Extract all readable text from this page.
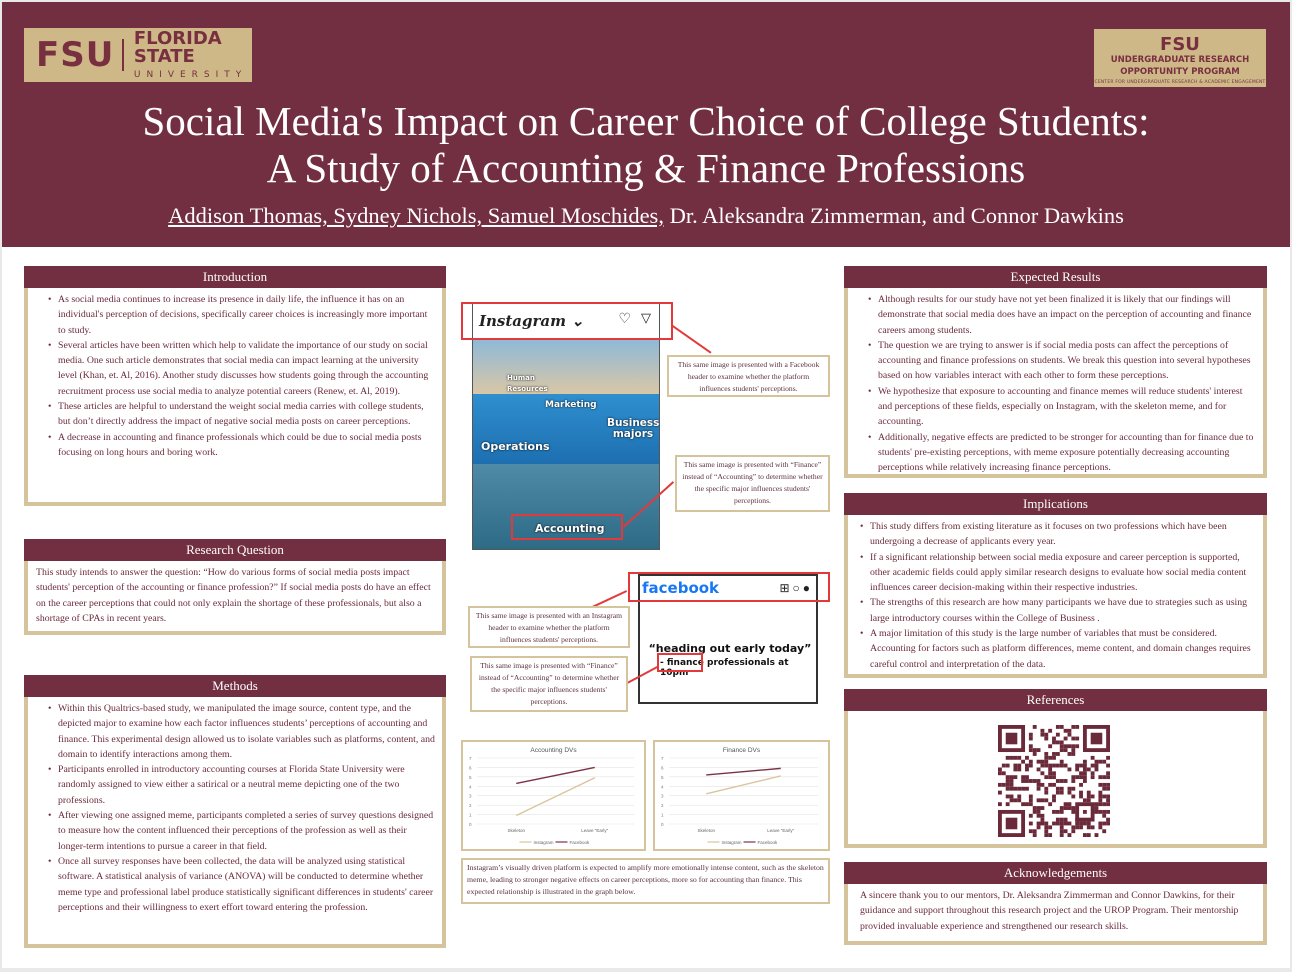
FSU FLORIDA STATE
UNIVERSITY
FSU
UNDERGRADUATE RESEARCH
OPPORTUNITY PROGRAM
CENTER FOR UNDERGRADUATE RESEARCH & ACADEMIC ENGAGEMENT
Social Media's Impact on Career Choice of College Students:
A Study of Accounting & Finance Professions
Addison Thomas, Sydney Nichols, Samuel Moschides, Dr. Aleksandra Zimmerman, and Connor Dawkins
Introduction
• As social media continues to increase its presence in daily life, the influence it has on an individual's perception of decisions, specifically career choices is increasingly more important to study.
• Several articles have been written which help to validate the importance of our study on social media. One such article demonstrates that social media can impact learning at the university level (Khan, et. Al, 2016). Another study discusses how students going through the accounting recruitment process use social media to analyze potential careers (Renew, et. Al, 2019).
• These articles are helpful to understand the weight social media carries with college students, but don’t directly address the impact of negative social media posts on career perceptions.
• A decrease in accounting and finance professionals which could be due to social media posts focusing on long hours and boring work.
Research Question

This study intends to answer the question: “How do various forms of social media posts impact students' perception of the accounting or finance profession?” If social media posts do have an effect on the career perceptions that could not only explain the shortage of these professionals, but also a shortage of CPAs in recent years.

Methods
• Within this Qualtrics-based study, we manipulated the image source, content type, and the depicted major to examine how each factor influences students’ perceptions of accounting and finance. This experimental design allowed us to isolate variables such as platforms, content, and domain to identify interactions among them.
• Participants enrolled in introductory accounting courses at Florida State University were randomly assigned to view either a satirical or a neutral meme depicting one of the two professions.
• After viewing one assigned meme, participants completed a series of survey questions designed to measure how the content influenced their perceptions of the profession as well as their longer-term intentions to pursue a career in that field.
• Once all survey responses have been collected, the data will be analyzed using statistical software. A statistical analysis of variance (ANOVA) will be conducted to determine whether meme type and professional label produce statistically significant differences in students' career perceptions and their willingness to exert effort toward entering the profession.
Instagram ⌄ ♡ ▽
Human Resources
Marketing
Business majors
Operations
Accounting
This same image is presented with a Facebook header to examine whether the platform influences students' perceptions.
This same image is presented with “Finance” instead of “Accounting” to determine whether the specific major influences students' perceptions.
facebook	⊞ ○ ●
“heading out early today”
- finance professionals at 10pm
This same image is presented with an Instagram header to examine whether the platform influences students' perceptions.
This same image is presented with “Finance” instead of “Accounting” to determine whether the specific major influences students' perceptions.
Accounting DVs
0
1
2
3
4
5
6
7
Skeleton	Leave "Early"
Instagram	Facebook
Finance DVs
0
1
2
3
4
5
6
7
Skeleton	Leave "Early"
Instagram	Facebook
Instagram’s visually driven platform is expected to amplify more emotionally intense content, such as the skeleton meme, leading to stronger negative effects on career perceptions, more so for accounting than finance. This expected relationship is illustrated in the graph below.
Expected Results
• Although results for our study have not yet been finalized it is likely that our findings will demonstrate that social media does have an impact on the perception of accounting and finance careers among students.
• The question we are trying to answer is if social media posts can affect the perceptions of accounting and finance professions on students. We break this question into several hypotheses based on how variables interact with each other to form these perceptions.
• We hypothesize that exposure to accounting and finance memes will reduce students' interest and perceptions of these fields, especially on Instagram, with the skeleton meme, and for accounting.
• Additionally, negative effects are predicted to be stronger for accounting than for finance due to students' pre-existing perceptions, with meme exposure potentially decreasing accounting perceptions while relatively increasing finance perceptions.
Implications
• This study differs from existing literature as it focuses on two professions which have been undergoing a decrease of applicants every year.
• If a significant relationship between social media exposure and career perception is supported, other academic fields could apply similar research designs to evaluate how social media content influences career decision-making within their respective industries.
• The strengths of this research are how many participants we have due to strategies such as using large introductory courses within the College of Business .
• A major limitation of this study is the large number of variables that must be considered. Accounting for factors such as platform differences, meme content, and domain changes requires careful control and interpretation of the data.
References
Acknowledgements

A sincere thank you to our mentors, Dr. Aleksandra Zimmerman and Connor Dawkins, for their guidance and support throughout this research project and the UROP Program. Their mentorship provided invaluable experience and strengthened our research skills.
